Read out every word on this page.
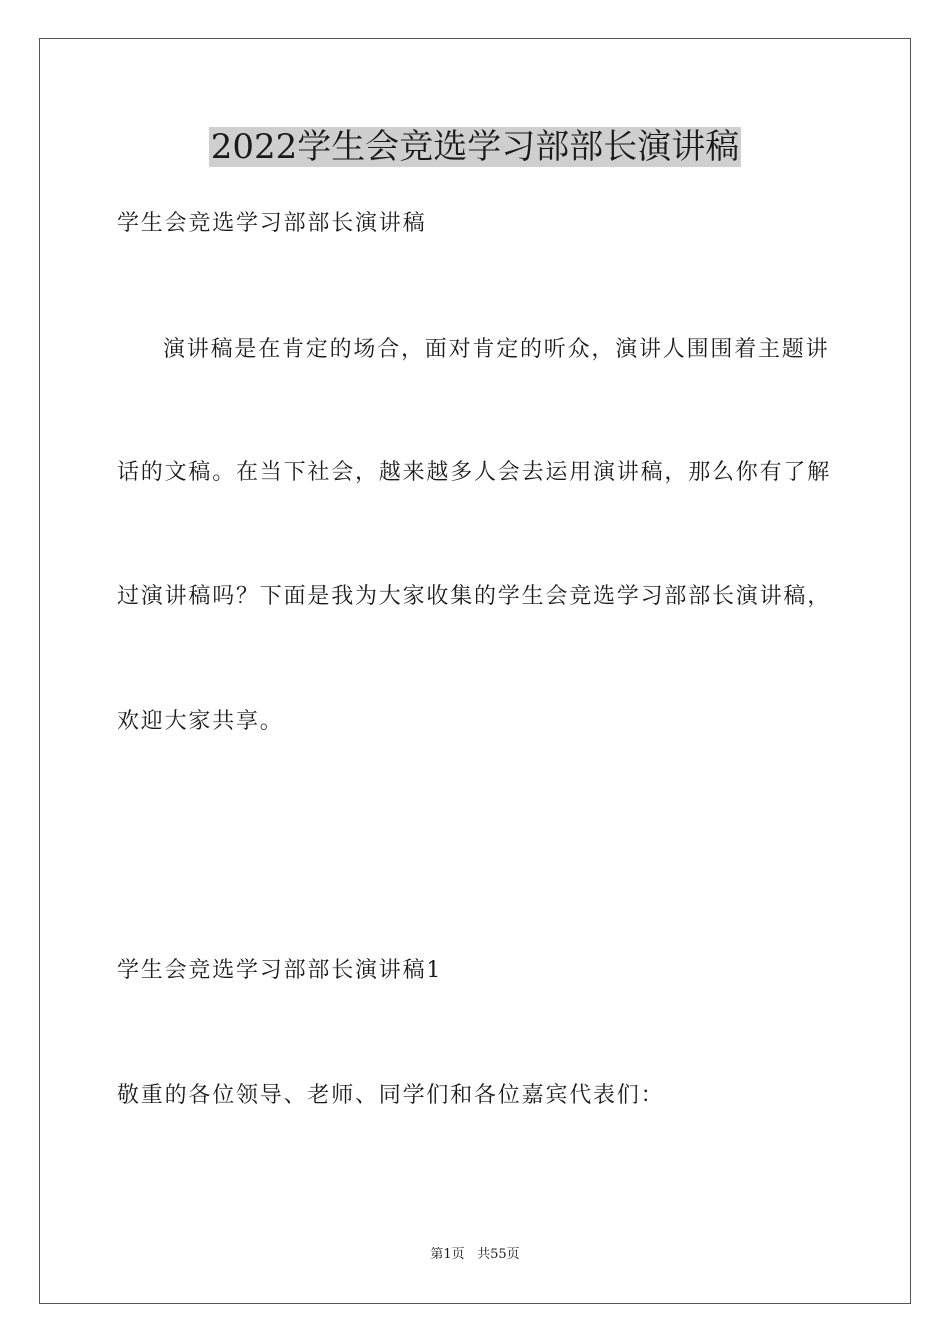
2022学生会竞选学习部部长演讲稿
学生会竞选学习部部长演讲稿
演讲稿是在肯定的场合，面对肯定的听众，演讲人围围着主题讲
话的文稿。在当下社会，越来越多人会去运用演讲稿，那么你有了解
过演讲稿吗？下面是我为大家收集的学生会竞选学习部部长演讲稿，
欢迎大家共享。
学生会竞选学习部部长演讲稿1
敬重的各位领导、老师、同学们和各位嘉宾代表们：
第1页 共55页
